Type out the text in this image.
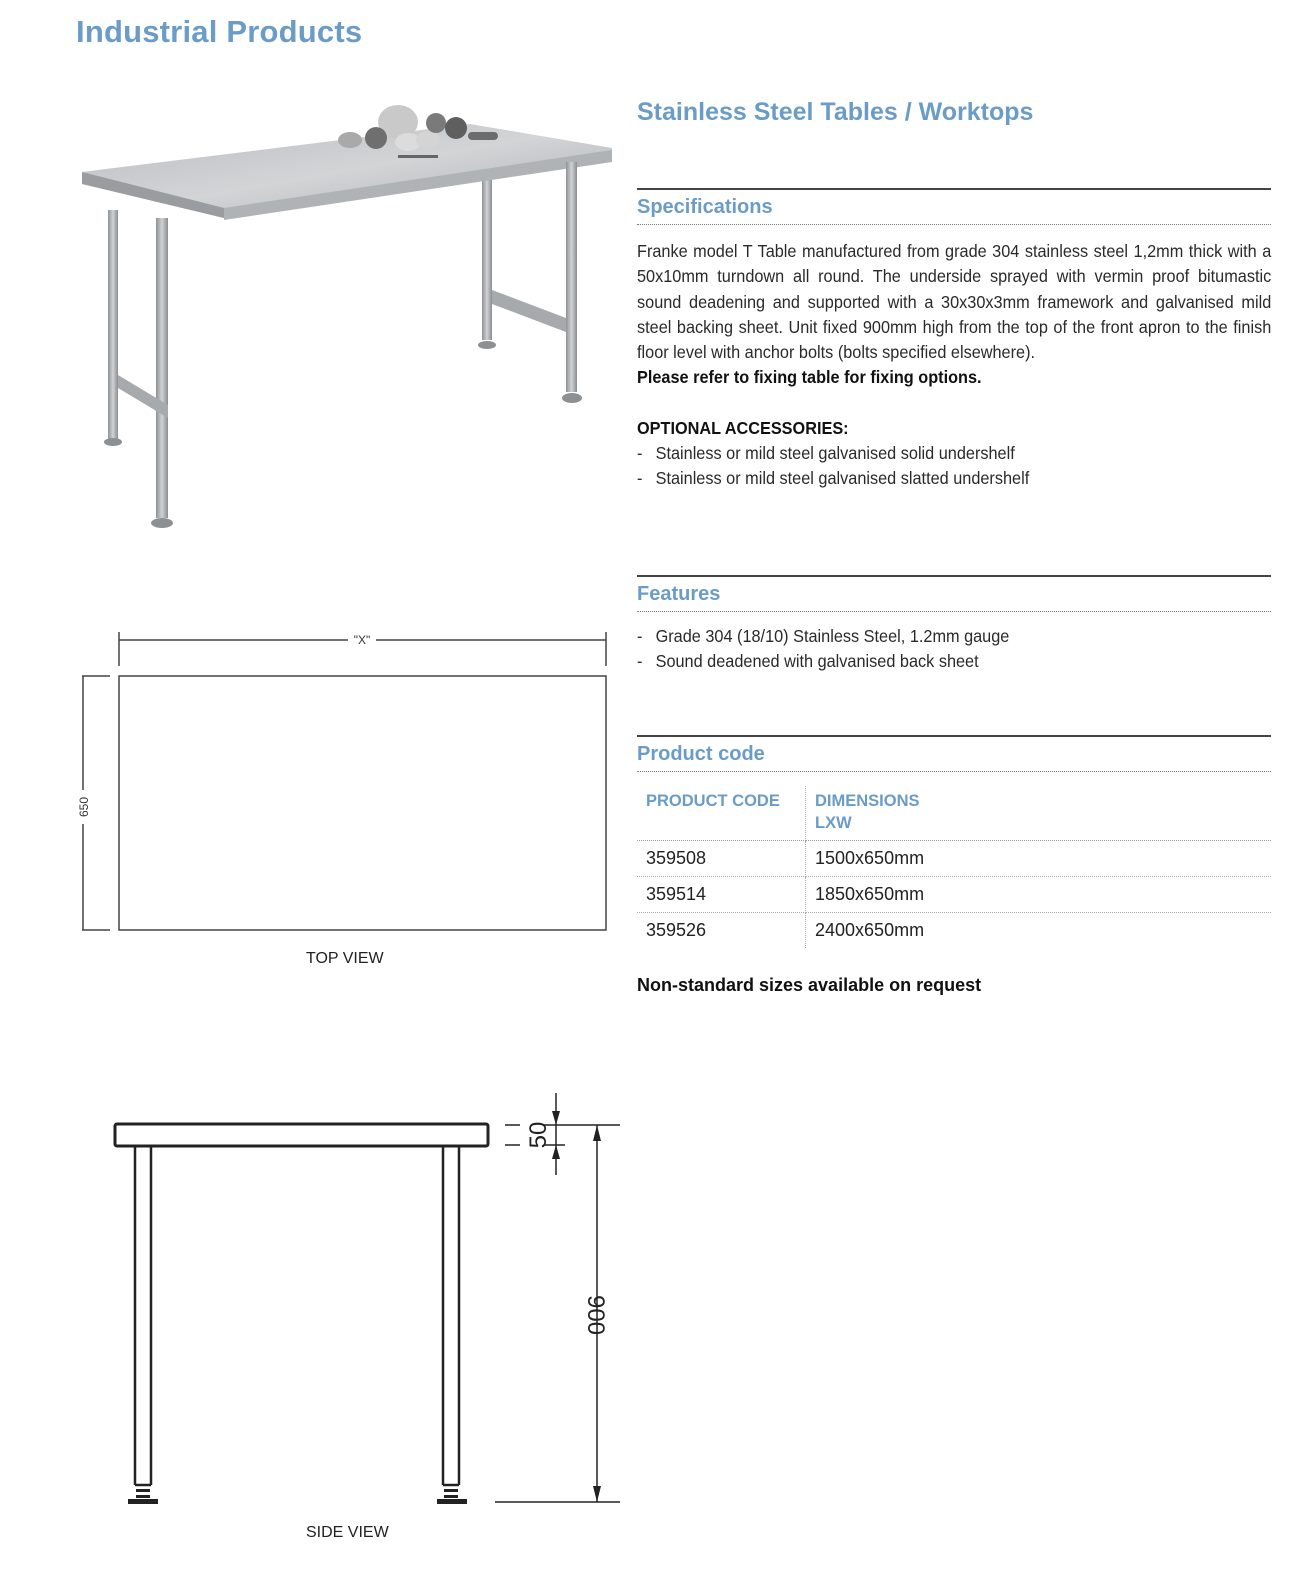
Industrial Products
Stainless Steel Tables / Worktops
Specifications
Franke model T Table manufactured from grade 304 stainless steel 1,2mm thick with a 50x10mm turndown all round. The underside sprayed with vermin proof bitumastic sound deadening and supported with a 30x30x3mm framework and galvanised mild steel backing sheet. Unit fixed 900mm high from the top of the front apron to the finish floor level with anchor bolts (bolts specified elsewhere).
Please refer to fixing table for fixing options.
OPTIONAL ACCESSORIES:
- Stainless or mild steel galvanised solid undershelf
- Stainless or mild steel galvanised slatted undershelf
Features
- Grade 304 (18/10) Stainless Steel, 1.2mm gauge
- Sound deadened with galvanised back sheet
Product code
PRODUCT CODE	DIMENSIONS
LXW
359508	1500x650mm
359514	1850x650mm
359526	2400x650mm
Non-standard sizes available on request
"X"
650
TOP VIEW
50
900
SIDE VIEW
